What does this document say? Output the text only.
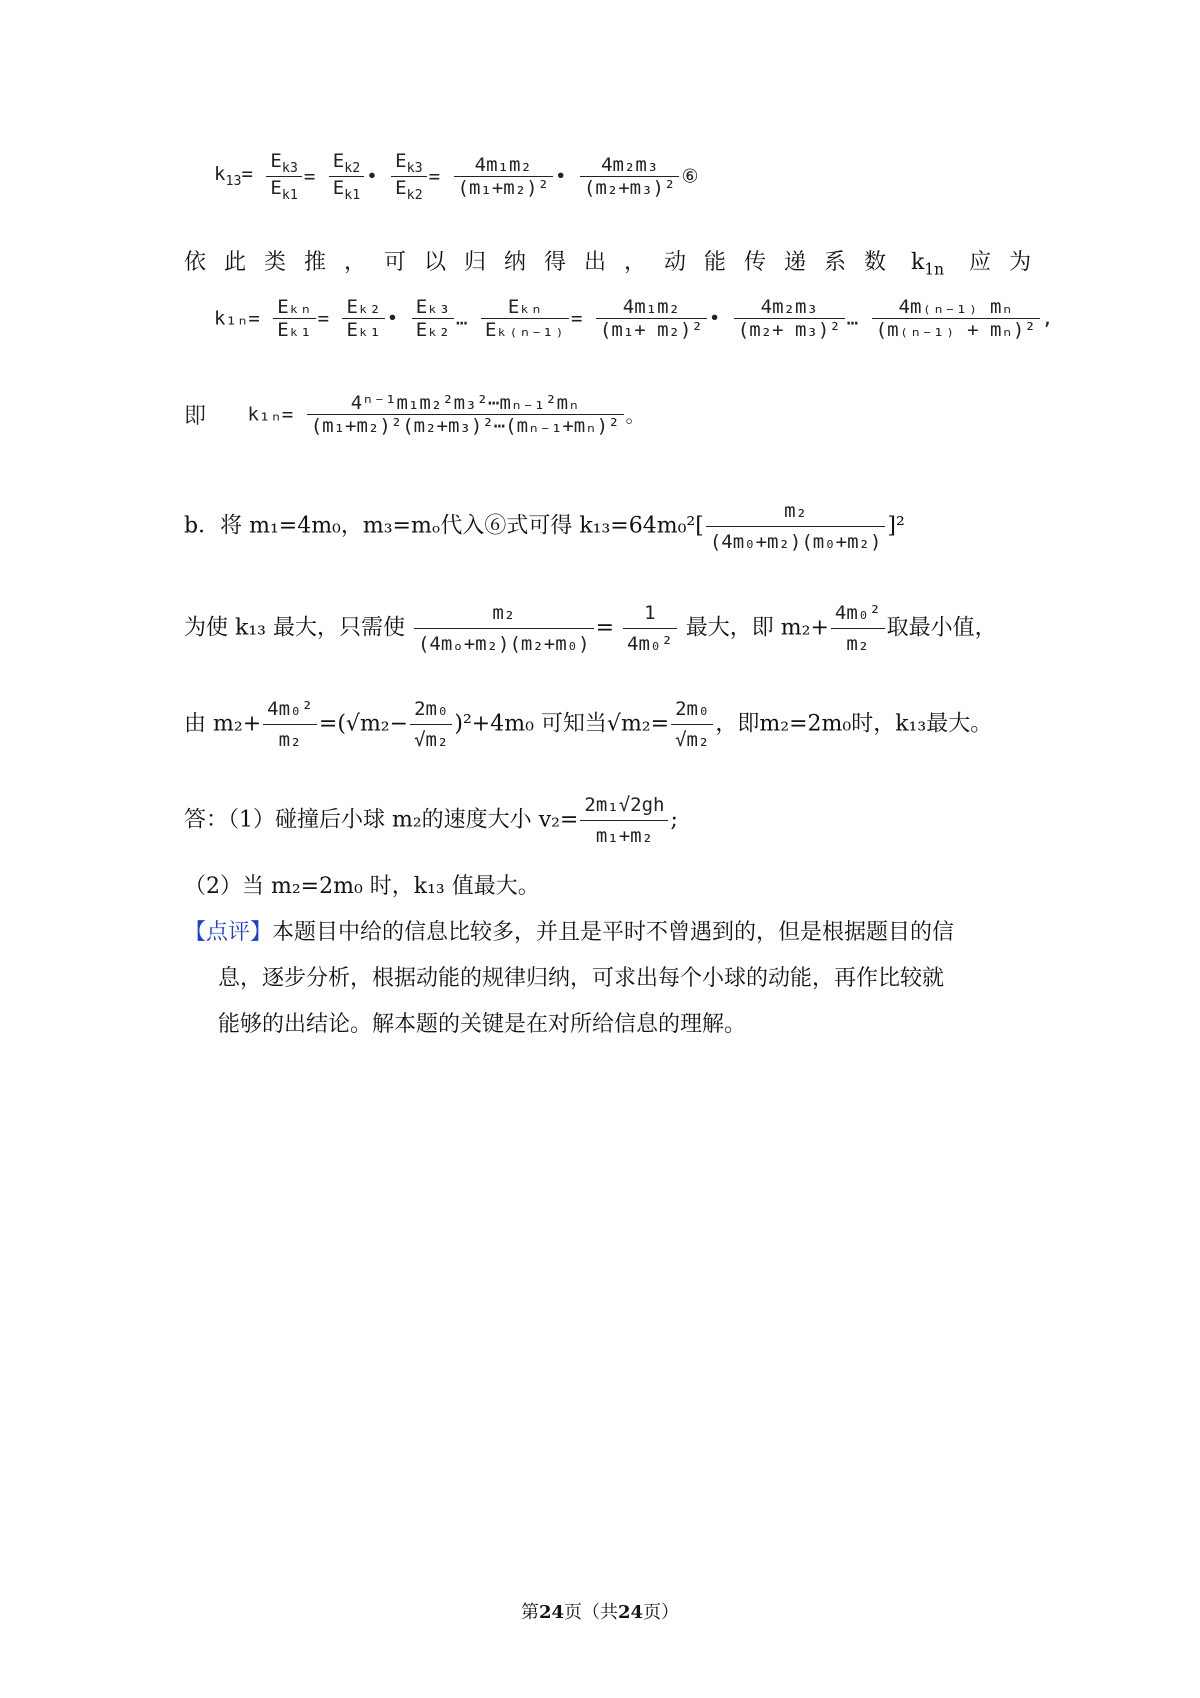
$k_{13}= \frac{E_{k3}}{E_{k1}} = \frac{E_{k2}}{E_{k1}}$ • $\frac{E_{k3}}{E_{k2}} = \frac{\text{4m₁m₂}}{\text{(m₁+m₂)²}}$ • $\frac{\text{4m₂m₃}}{\text{(m₂+m₃)²}}$ ⑥
依此类推，可以归纳得出，动能传递系数 $k_{1n}$ 应为
$k_{1n}= \frac{\text{Eₖₙ}}{\text{Eₖ₁}} = \frac{\text{Eₖ₂}}{\text{Eₖ₁}}$ • $\frac{\text{Eₖ₃}}{\text{Eₖ₂}}$ … $\frac{\text{Eₖₙ}}{\text{Eₖ₍ₙ₋₁₎}} = \frac{\text{4m₁m₂}}{\text{(m₁+ m₂)²}}$ • $\frac{\text{4m₂m₃}}{\text{(m₂+ m₃)²}}$ … $\frac{\text{4m₍ₙ₋₁₎ mₙ}}{\text{(m₍ₙ₋₁₎ + mₙ)²}}$ ,
即 $k_{1n}= \frac{\text{4ⁿ⁻¹m₁m₂²m₃²⋯mₙ₋₁²mₙ}}{\text{(m₁+m₂)²(m₂+m₃)²⋯(mₙ₋₁+mₙ)²}}$ 。
b．将 m₁=4m₀，m₃=mₒ代入⑥式可得 $k_{13}=64m_0^2[ \frac{\text{m₂}}{\text{(4m₀+m₂)(m₀+m₂)}} ]^2$
为使 k₁₃ 最大，只需使 $\frac{\text{m₂}}{\text{(4mₒ+m₂)(m₂+m₀)}} = \frac{1}{\text{4m₀²}}$ 最大，即 $m_2+ \frac{\text{4m₀²}}{\text{m₂}}$ 取最小值，
由 $m_2+ \frac{\text{4m₀²}}{\text{m₂}} =(√m_2- \frac{\text{2m₀}}{\text{√m₂}} )^2+4m_0$ 可知当$√m_2= \frac{\text{2m₀}}{\text{√m₂}}$ ，即m₂=2m₀时，k₁₃最大。
答：（1）碰撞后小球 m₂的速度大小 $v_2= \frac{\text{2m₁√2gh}}{\text{m₁+m₂}}$ ;
（2）当 m₂=2m₀ 时，k₁₃ 值最大。
【点评】本题目中给的信息比较多，并且是平时不曾遇到的，但是根据题目的信
息，逐步分析，根据动能的规律归纳，可求出每个小球的动能，再作比较就
能够的出结论。解本题的关键是在对所给信息的理解。
第24页（共24页）
